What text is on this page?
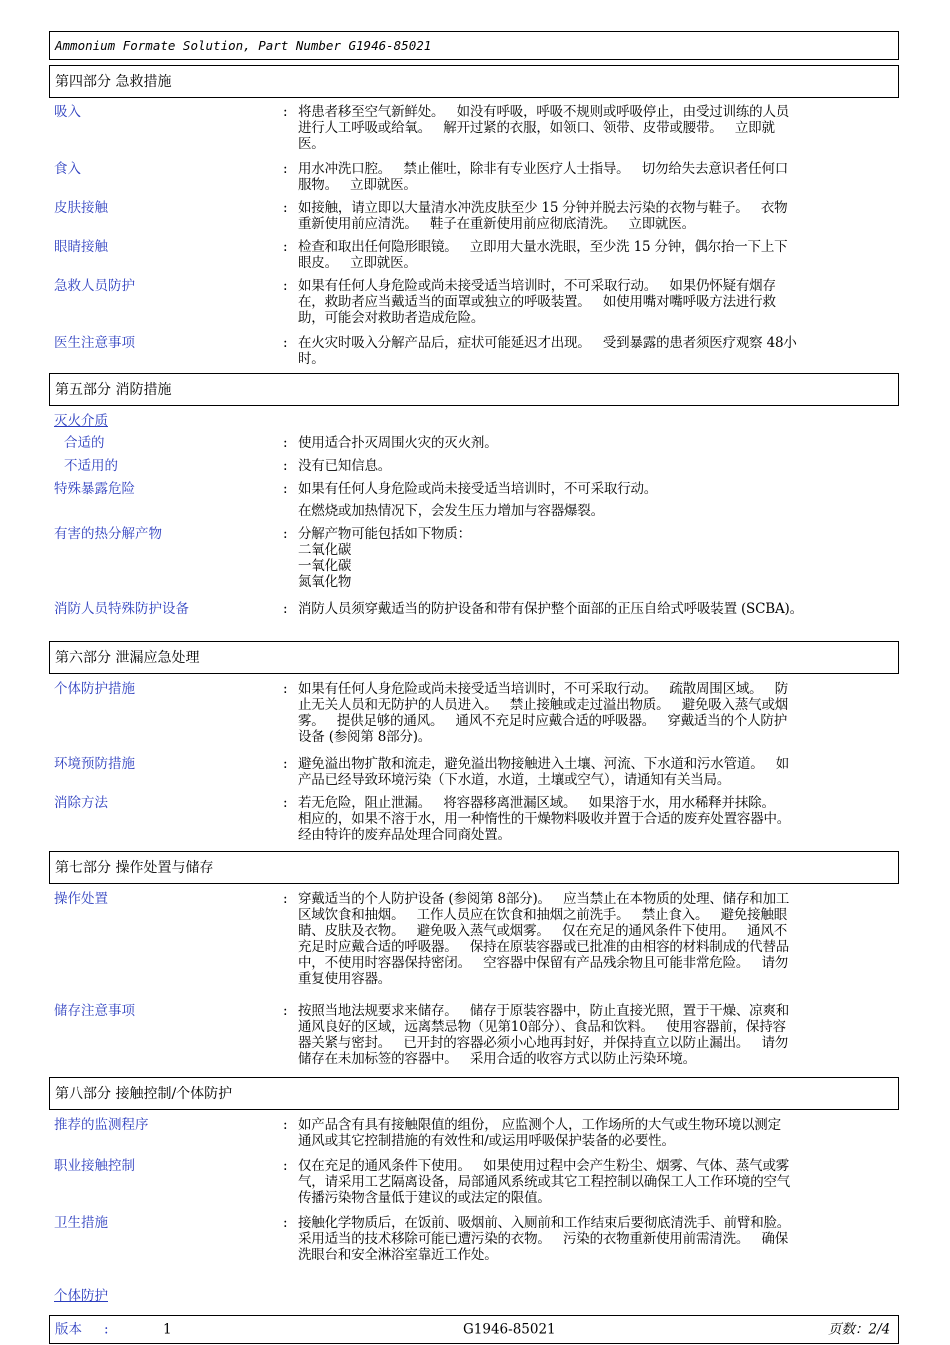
Ammonium Formate Solution, Part Number G1946-85021
第四部分 急救措施
吸入	: 将患者移至空气新鲜处。   如没有呼吸，呼吸不规则或呼吸停止，由受过训练的人员
进行人工呼吸或给氧。   解开过紧的衣服，如领口、领带、皮带或腰带。   立即就
医。
食入	: 用水冲洗口腔。   禁止催吐，除非有专业医疗人士指导。   切勿给失去意识者任何口
服物。   立即就医。
皮肤接触	: 如接触，请立即以大量清水冲洗皮肤至少 15 分钟并脱去污染的衣物与鞋子。   衣物
重新使用前应清洗。   鞋子在重新使用前应彻底清洗。   立即就医。
眼睛接触	: 检查和取出任何隐形眼镜。   立即用大量水洗眼，至少洗 15 分钟，偶尔抬一下上下
眼皮。   立即就医。
急救人员防护	: 如果有任何人身危险或尚未接受适当培训时，不可采取行动。   如果仍怀疑有烟存
在，救助者应当戴适当的面罩或独立的呼吸装置。   如使用嘴对嘴呼吸方法进行救
助，可能会对救助者造成危险。
医生注意事项	: 在火灾时吸入分解产品后，症状可能延迟才出现。   受到暴露的患者须医疗观察 48小
时。
第五部分 消防措施
灭火介质
合适的	: 使用适合扑灭周围火灾的灭火剂。
不适用的	: 没有已知信息。
特殊暴露危险	: 如果有任何人身危险或尚未接受适当培训时，不可采取行动。
在燃烧或加热情况下，会发生压力增加与容器爆裂。
有害的热分解产物	: 分解产物可能包括如下物质：
二氧化碳
一氧化碳
氮氧化物
消防人员特殊防护设备	: 消防人员须穿戴适当的防护设备和带有保护整个面部的正压自给式呼吸装置 (SCBA)。
第六部分 泄漏应急处理
个体防护措施	: 如果有任何人身危险或尚未接受适当培训时，不可采取行动。   疏散周围区域。   防
止无关人员和无防护的人员进入。   禁止接触或走过溢出物质。   避免吸入蒸气或烟
雾。   提供足够的通风。   通风不充足时应戴合适的呼吸器。   穿戴适当的个人防护
设备 (参阅第 8部分)。
环境预防措施	: 避免溢出物扩散和流走，避免溢出物接触进入土壤、河流、下水道和污水管道。   如
产品已经导致环境污染（下水道，水道，土壤或空气），请通知有关当局。
消除方法	: 若无危险，阻止泄漏。   将容器移离泄漏区域。   如果溶于水，用水稀释并抹除。
相应的，如果不溶于水，用一种惰性的干燥物料吸收并置于合适的废弃处置容器中。
经由特许的废弃品处理合同商处置。
第七部分 操作处置与储存
操作处置	: 穿戴适当的个人防护设备 (参阅第 8部分)。   应当禁止在本物质的处理、储存和加工
区域饮食和抽烟。   工作人员应在饮食和抽烟之前洗手。   禁止食入。   避免接触眼
睛、皮肤及衣物。   避免吸入蒸气或烟雾。   仅在充足的通风条件下使用。   通风不
充足时应戴合适的呼吸器。   保持在原装容器或已批准的由相容的材料制成的代替品
中，不使用时容器保持密闭。   空容器中保留有产品残余物且可能非常危险。   请勿
重复使用容器。
储存注意事项	: 按照当地法规要求来储存。   储存于原装容器中，防止直接光照，置于干燥、凉爽和
通风良好的区域，远离禁忌物（见第10部分）、食品和饮料。   使用容器前，保持容
器关紧与密封。   已开封的容器必须小心地再封好，并保持直立以防止漏出。   请勿
储存在未加标签的容器中。   采用合适的收容方式以防止污染环境。
第八部分 接触控制/个体防护
推荐的监测程序	: 如产品含有具有接触限值的组份， 应监测个人，工作场所的大气或生物环境以测定
通风或其它控制措施的有效性和/或运用呼吸保护装备的必要性。
职业接触控制	: 仅在充足的通风条件下使用。   如果使用过程中会产生粉尘、烟雾、气体、蒸气或雾
气，请采用工艺隔离设备，局部通风系统或其它工程控制以确保工人工作环境的空气
传播污染物含量低于建议的或法定的限值。
卫生措施	: 接触化学物质后，在饭前、吸烟前、入厕前和工作结束后要彻底清洗手、前臂和脸。
采用适当的技术移除可能已遭污染的衣物。   污染的衣物重新使用前需清洗。   确保
洗眼台和安全淋浴室靠近工作处。
个体防护
版本 :	1	G1946-85021	页数：2/4
